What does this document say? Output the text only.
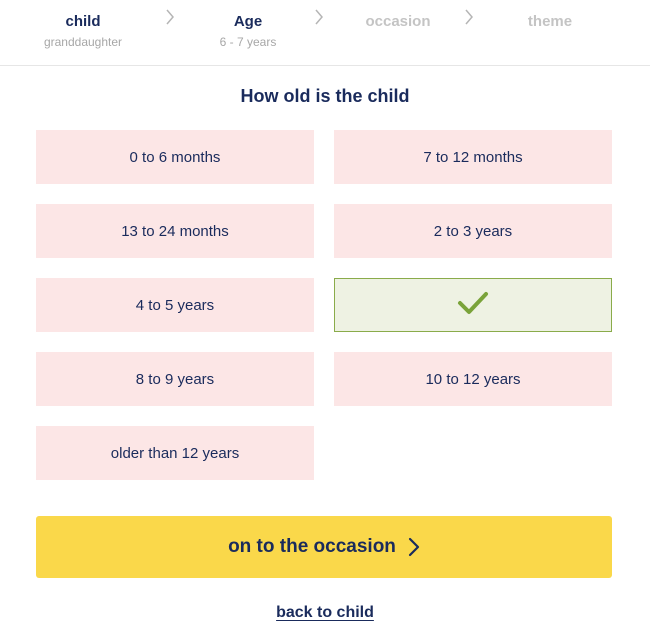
child
granddaughter
Age
6 - 7 years
occasion	theme
How old is the child
0 to 6 months	7 to 12 months
13 to 24 months	2 to 3 years
4 to 5 years
8 to 9 years	10 to 12 years
older than 12 years
on to the occasion
back to child
